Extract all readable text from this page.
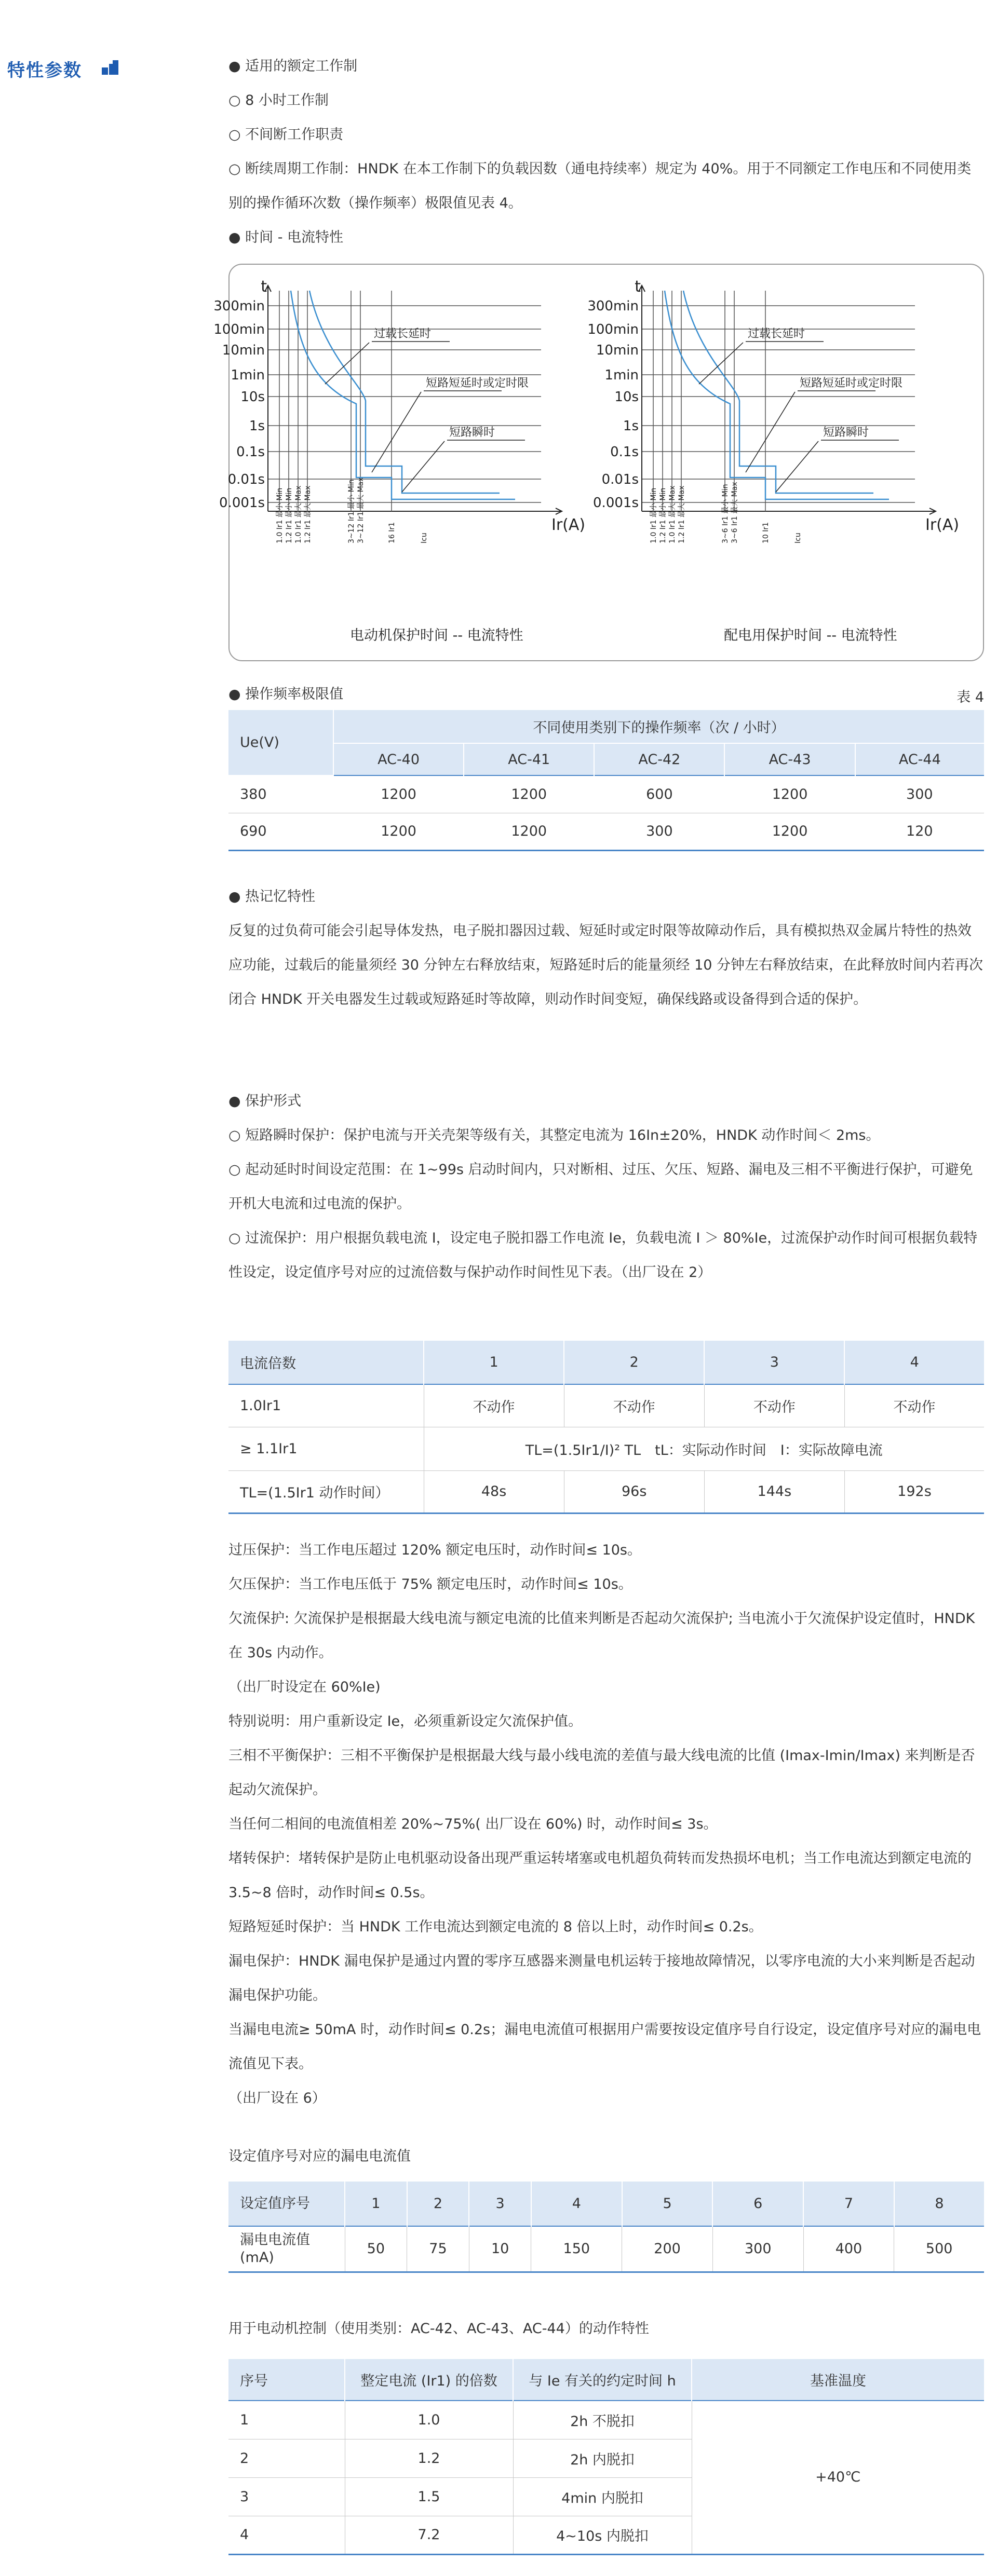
特性参数	● 适用的额定工作制
○ 8 小时工作制
○ 不间断工作职责
○ 断续周期工作制：HNDK 在本工作制下的负载因数（通电持续率）规定为 40%。用于不同额定工作电压和不同使用类别的操作循环次数（操作频率）极限值见表 4。
● 时间 - 电流特性
300min
100min
10min
1min
10s
1s
0.1s
0.01s
0.001s
t
Ir(A)
1.0 Ir1 最小 Min 1.2 Ir1 最小 Min 1.0 Ir1 最大 Max 1.2 Ir1 最大 Max	3~12 Ir1 最小 Min 3~12 Ir1 最大 Max	16 Ir1	Icu
过载长延时
短路短延时或定时限
短路瞬时
电动机保护时间 -- 电流特性
300min
100min
10min
1min
10s
1s
0.1s
0.01s
0.001s
t
Ir(A)
1.0 Ir1 最小 Min 1.2 Ir1 最小 Min 1.0 Ir1 最大 Max 1.2 Ir1 最大 Max	3~6 Ir1 最小 Min 3~6 Ir1 最大 Max	10 Ir1	Icu
过载长延时
短路短延时或定时限
短路瞬时
配电用保护时间 -- 电流特性
● 操作频率极限值	表 4
Ue(V)	不同使用类别下的操作频率（次 / 小时）				
	AC-40	AC-41	AC-42	AC-43	AC-44
380	1200	1200	600	1200	300
690	1200	1200	300	1200	120
● 热记忆特性
反复的过负荷可能会引起导体发热，电子脱扣器因过载、短延时或定时限等故障动作后，具有模拟热双金属片特性的热效应功能，过载后的能量须经 30 分钟左右释放结束，短路延时后的能量须经 10 分钟左右释放结束，在此释放时间内若再次闭合 HNDK 开关电器发生过载或短路延时等故障，则动作时间变短，确保线路或设备得到合适的保护。
● 保护形式
○ 短路瞬时保护：保护电流与开关壳架等级有关，其整定电流为 16In±20%，HNDK 动作时间＜ 2ms。
○ 起动延时时间设定范围：在 1~99s 启动时间内，只对断相、过压、欠压、短路、漏电及三相不平衡进行保护，可避免开机大电流和过电流的保护。
○ 过流保护：用户根据负载电流 I，设定电子脱扣器工作电流 Ie，负载电流 I ＞ 80%Ie，过流保护动作时间可根据负载特性设定，设定值序号对应的过流倍数与保护动作时间性见下表。（出厂设在 2）
电流倍数	1	2	3	4
1.0Ir1	不动作	不动作	不动作	不动作
≥ 1.1Ir1	TL=(1.5Ir1/I)² TL　tL：实际动作时间　I：实际故障电流			
TL=(1.5Ir1 动作时间）	48s	96s	144s	192s
过压保护：当工作电压超过 120% 额定电压时，动作时间≤ 10s。
欠压保护：当工作电压低于 75% 额定电压时，动作时间≤ 10s。
欠流保护: 欠流保护是根据最大线电流与额定电流的比值来判断是否起动欠流保护; 当电流小于欠流保护设定值时，HNDK 在 30s 内动作。
（出厂时设定在 60%Ie)
特别说明：用户重新设定 Ie，必须重新设定欠流保护值。
三相不平衡保护：三相不平衡保护是根据最大线与最小线电流的差值与最大线电流的比值 (Imax-Imin/Imax) 来判断是否起动欠流保护。
当任何二相间的电流值相差 20%~75%( 出厂设在 60%) 时，动作时间≤ 3s。
堵转保护：堵转保护是防止电机驱动设备出现严重运转堵塞或电机超负荷转而发热损坏电机；当工作电流达到额定电流的 3.5~8 倍时，动作时间≤ 0.5s。
短路短延时保护：当 HNDK 工作电流达到额定电流的 8 倍以上时，动作时间≤ 0.2s。
漏电保护：HNDK 漏电保护是通过内置的零序互感器来测量电机运转于接地故障情况，以零序电流的大小来判断是否起动漏电保护功能。
当漏电电流≥ 50mA 时，动作时间≤ 0.2s；漏电电流值可根据用户需要按设定值序号自行设定，设定值序号对应的漏电电流值见下表。
（出厂设在 6）
设定值序号对应的漏电电流值
设定值序号	1	2	3	4	5	6	7	8
漏电电流值 (mA)	50	75	10	150	200	300	400	500
用于电动机控制（使用类别：AC-42、AC-43、AC-44）的动作特性
序号	整定电流 (Ir1) 的倍数	与 Ie 有关的约定时间 h	基准温度
1	1.0	2h 不脱扣	+40℃
2	1.2	2h 内脱扣	
3	1.5	4min 内脱扣	
4	7.2	4~10s 内脱扣	
